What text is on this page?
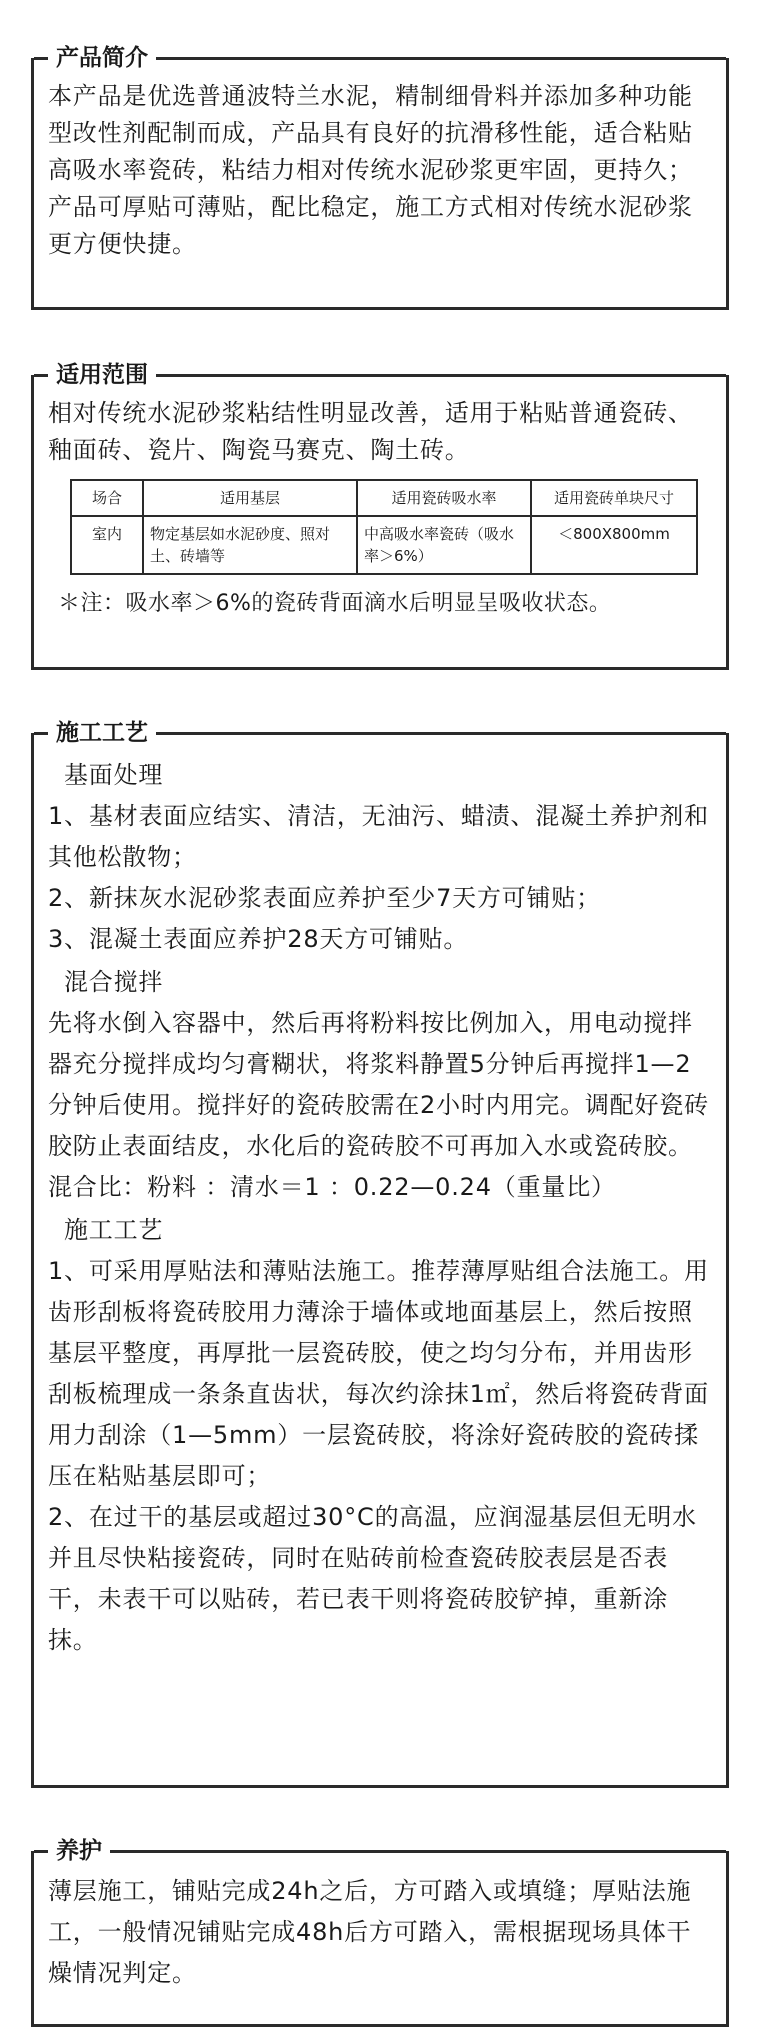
产品简介

本产品是优选普通波特兰水泥，精制细骨料并添加多种功能型改性剂配制而成，产品具有良好的抗滑移性能，适合粘贴高吸水率瓷砖，粘结力相对传统水泥砂浆更牢固，更持久；产品可厚贴可薄贴，配比稳定，施工方式相对传统水泥砂浆更方便快捷。

适用范围

相对传统水泥砂浆粘结性明显改善，适用于粘贴普通瓷砖、釉面砖、瓷片、陶瓷马赛克、陶土砖。

场合	适用基层	适用瓷砖吸水率	适用瓷砖单块尺寸
室内	物定基层如水泥砂度、照对土、砖墙等	中高吸水率瓷砖（吸水率＞6%）	＜800X800mm

＊注：吸水率＞6%的瓷砖背面滴水后明显呈吸收状态。

施工工艺

基面处理

1、基材表面应结实、清洁，无油污、蜡渍、混凝土养护剂和其他松散物；

2、新抹灰水泥砂浆表面应养护至少7天方可铺贴；

3、混凝土表面应养护28天方可铺贴。

混合搅拌

先将水倒入容器中，然后再将粉料按比例加入，用电动搅拌器充分搅拌成均匀膏糊状，将浆料静置5分钟后再搅拌1—2分钟后使用。搅拌好的瓷砖胶需在2小时内用完。调配好瓷砖胶防止表面结皮，水化后的瓷砖胶不可再加入水或瓷砖胶。

混合比：粉料 ：清水＝1 ：0.22—0.24（重量比）

施工工艺

1、可采用厚贴法和薄贴法施工。推荐薄厚贴组合法施工。用齿形刮板将瓷砖胶用力薄涂于墙体或地面基层上，然后按照基层平整度，再厚批一层瓷砖胶，使之均匀分布，并用齿形刮板梳理成一条条直齿状，每次约涂抹1㎡，然后将瓷砖背面用力刮涂（1—5mm）一层瓷砖胶，将涂好瓷砖胶的瓷砖揉压在粘贴基层即可；

2、在过干的基层或超过30°C的高温，应润湿基层但无明水并且尽快粘接瓷砖，同时在贴砖前检查瓷砖胶表层是否表干，未表干可以贴砖，若已表干则将瓷砖胶铲掉，重新涂抹。

养护

薄层施工，铺贴完成24h之后，方可踏入或填缝；厚贴法施工，一般情况铺贴完成48h后方可踏入，需根据现场具体干燥情况判定。
